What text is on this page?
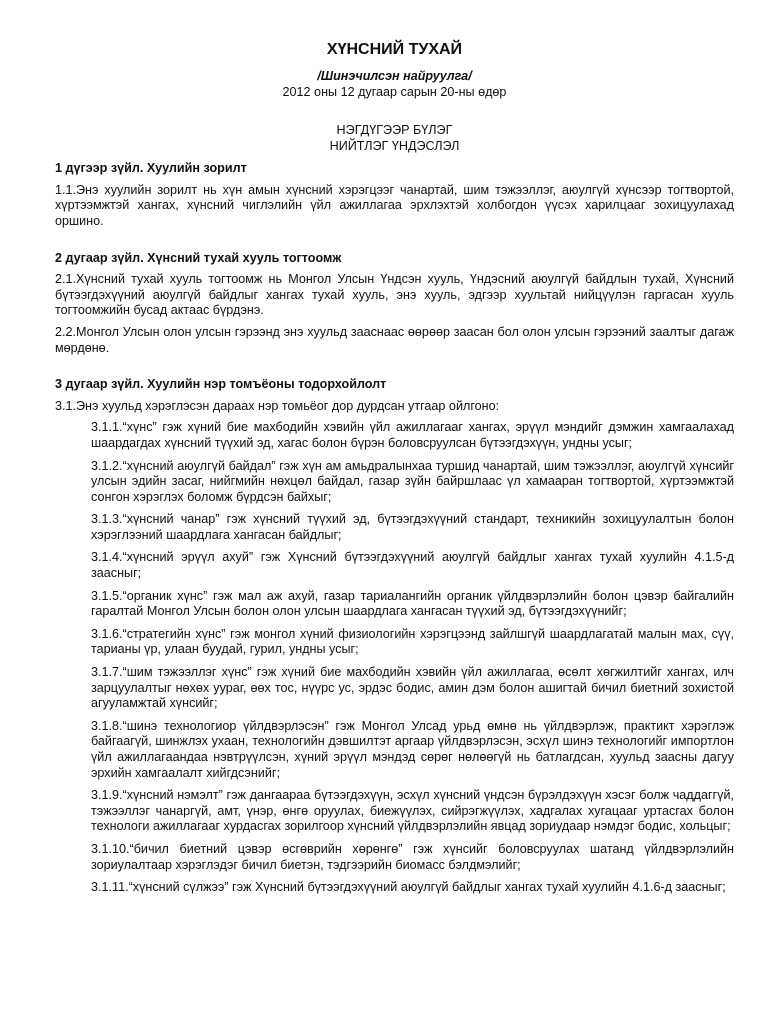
ХҮНСНИЙ ТУХАЙ
/Шинэчилсэн найруулга/
2012 оны 12 дугаар сарын 20-ны өдөр
НЭГДҮГЭЭР БҮЛЭГ
НИЙТЛЭГ ҮНДЭСЛЭЛ
1 дүгээр зүйл. Хуулийн зорилт

1.1.Энэ хуулийн зорилт нь хүн амын хүнсний хэрэгцээг чанартай, шим тэжээллэг, аюулгүй хүнсээр тогтвортой, хүртээмжтэй хангах, хүнсний чиглэлийн үйл ажиллагаа эрхлэхтэй холбогдон үүсэх харилцааг зохицуулахад оршино.

2 дугаар зүйл. Хүнсний тухай хууль тогтоомж

2.1.Хүнсний тухай хууль тогтоомж нь Монгол Улсын Үндсэн хууль, Үндэсний аюулгүй байдлын тухай, Хүнсний бүтээгдэхүүний аюулгүй байдлыг хангах тухай хууль, энэ хууль, эдгээр хуультай нийцүүлэн гаргасан хууль тогтоомжийн бусад актаас бүрдэнэ.

2.2.Монгол Улсын олон улсын гэрээнд энэ хуульд зааснаас өөрөөр заасан бол олон улсын гэрээний заалтыг дагаж мөрдөнө.

3 дугаар зүйл. Хуулийн нэр томъёоны тодорхойлолт

3.1.Энэ хуульд хэрэглэсэн дараах нэр томьёог дор дурдсан утгаар ойлгоно:

3.1.1.“хүнс” гэж хүний бие махбодийн хэвийн үйл ажиллагааг хангах, эрүүл мэндийг дэмжин хамгаалахад шаардагдах хүнсний түүхий эд, хагас болон бүрэн боловсруулсан бүтээгдэхүүн, ундны усыг;

3.1.2.“хүнсний аюулгүй байдал” гэж хүн ам амьдралынхаа туршид чанартай, шим тэжээллэг, аюулгүй хүнсийг улсын эдийн засаг, нийгмийн нөхцөл байдал, газар зүйн байршлаас үл хамааран тогтвортой, хүртээмжтэй сонгон хэрэглэх боломж бүрдсэн байхыг;

3.1.3.“хүнсний чанар” гэж хүнсний түүхий эд, бүтээгдэхүүний стандарт, техникийн зохицуулалтын болон хэрэглээний шаардлага хангасан байдлыг;

3.1.4.“хүнсний эрүүл ахуй” гэж Хүнсний бүтээгдэхүүний аюулгүй байдлыг хангах тухай хуулийн 4.1.5-д заасныг;

3.1.5.“органик хүнс” гэж мал аж ахуй, газар тариалангийн органик үйлдвэрлэлийн болон цэвэр байгалийн гаралтай Монгол Улсын болон олон улсын шаардлага хангасан түүхий эд, бүтээгдэхүүнийг;

3.1.6.“стратегийн хүнс” гэж монгол хүний физиологийн хэрэгцээнд зайлшгүй шаардлагатай малын мах, сүү, тарианы үр, улаан буудай, гурил, ундны усыг;

3.1.7.“шим тэжээллэг хүнс” гэж хүний бие махбодийн хэвийн үйл ажиллагаа, өсөлт хөгжилтийг хангах, илч зарцуулалтыг нөхөх уураг, өөх тос, нүүрс ус, эрдэс бодис, амин дэм болон ашигтай бичил биетний зохистой агууламжтай хүнсийг;

3.1.8.“шинэ технологиор үйлдвэрлэсэн” гэж Монгол Улсад урьд өмнө нь үйлдвэрлэж, практикт хэрэглэж байгаагүй, шинжлэх ухаан, технологийн дэвшилтэт аргаар үйлдвэрлэсэн, эсхүл шинэ технологийг импортлон үйл ажиллагаандаа нэвтрүүлсэн, хүний эрүүл мэндэд сөрөг нөлөөгүй нь батлагдсан, хуульд заасны дагуу эрхийн хамгаалалт хийгдсэнийг;

3.1.9.“хүнсний нэмэлт” гэж дангаараа бүтээгдэхүүн, эсхүл хүнсний үндсэн бүрэлдэхүүн хэсэг болж чаддаггүй, тэжээллэг чанаргүй, амт, үнэр, өнгө оруулах, биежүүлэх, сийрэгжүүлэх, хадгалах хугацааг уртасгах болон технологи ажиллагааг хурдасгах зорилгоор хүнсний үйлдвэрлэлийн явцад зориудаар нэмдэг бодис, хольцыг;

3.1.10.“бичил биетний цэвэр өсгөврийн хөрөнгө” гэж хүнсийг боловсруулах шатанд үйлдвэрлэлийн зориулалтаар хэрэглэдэг бичил биетэн, тэдгээрийн биомасс бэлдмэлийг;

3.1.11.“хүнсний сүлжээ” гэж Хүнсний бүтээгдэхүүний аюулгүй байдлыг хангах тухай хуулийн 4.1.6-д заасныг;
